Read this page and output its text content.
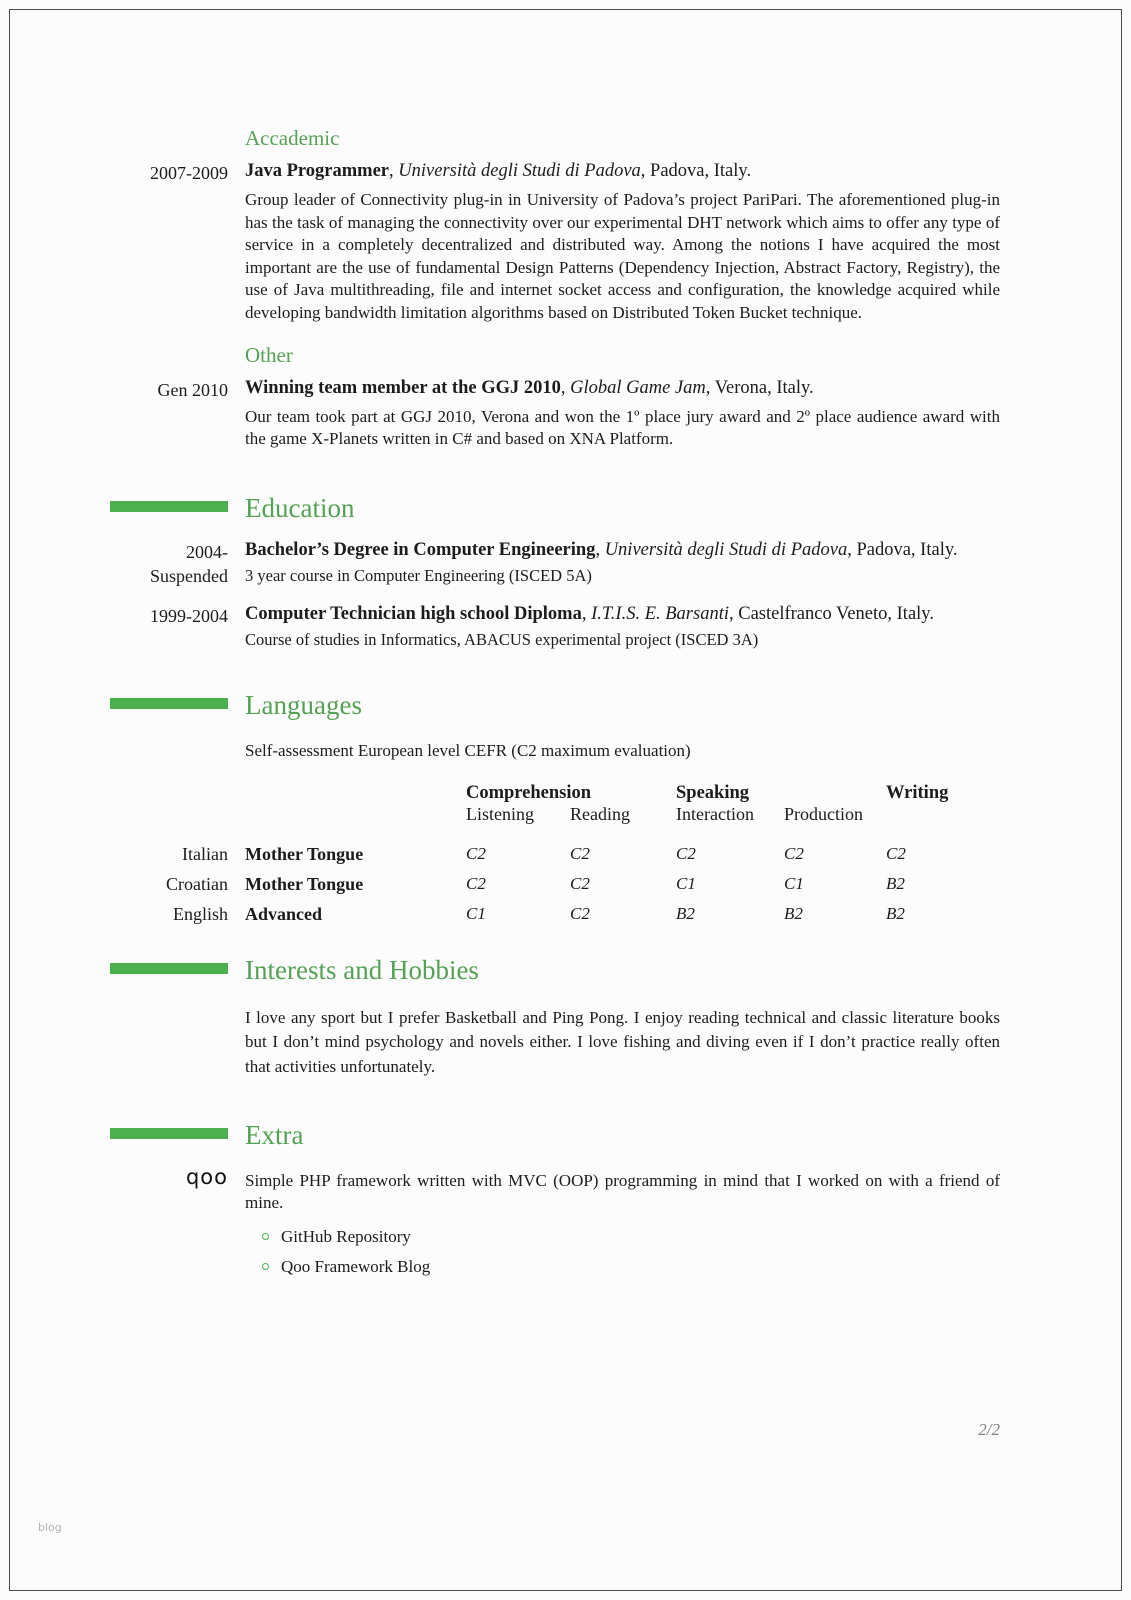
Accademic
2007-2009 Java Programmer, Università degli Studi di Padova, Padova, Italy.

Group leader of Connectivity plug-in in University of Padova’s project PariPari. The aforementioned plug-in has the task of managing the connectivity over our experimental DHT network which aims to offer any type of service in a completely decentralized and distributed way. Among the notions I have acquired the most important are the use of fundamental Design Patterns (Dependency Injection, Abstract Factory, Registry), the use of Java multithreading, file and internet socket access and configuration, the knowledge acquired while developing bandwidth limitation algorithms based on Distributed Token Bucket technique.

Other
Gen 2010 Winning team member at the GGJ 2010, Global Game Jam, Verona, Italy.

Our team took part at GGJ 2010, Verona and won the 1º place jury award and 2º place audience award with the game X-Planets written in C# and based on XNA Platform.

Education
2004-
Suspended
Bachelor’s Degree in Computer Engineering, Università degli Studi di Padova, Padova, Italy.

3 year course in Computer Engineering (ISCED 5A)

1999-2004 Computer Technician high school Diploma, I.T.I.S. E. Barsanti, Castelfranco Veneto, Italy.

Course of studies in Informatics, ABACUS experimental project (ISCED 3A)

Languages

Self-assessment European level CEFR (C2 maximum evaluation)

Comprehension	Speaking	Writing
Listening	Reading	Interaction	Production
Italian Mother Tongue	C2	C2	C2	C2	C2
Croatian Mother Tongue	C2	C2	C1	C1	B2
English Advanced	C1	C2	B2	B2	B2
Interests and Hobbies

I love any sport but I prefer Basketball and Ping Pong. I enjoy reading technical and classic literature books but I don’t mind psychology and novels either. I love fishing and diving even if I don’t practice really often that activities unfortunately.

Extra
qoo Simple PHP framework written with MVC (OOP) programming in mind that I worked on with a friend of mine.

GitHub Repository
Qoo Framework Blog
2/2
blog
